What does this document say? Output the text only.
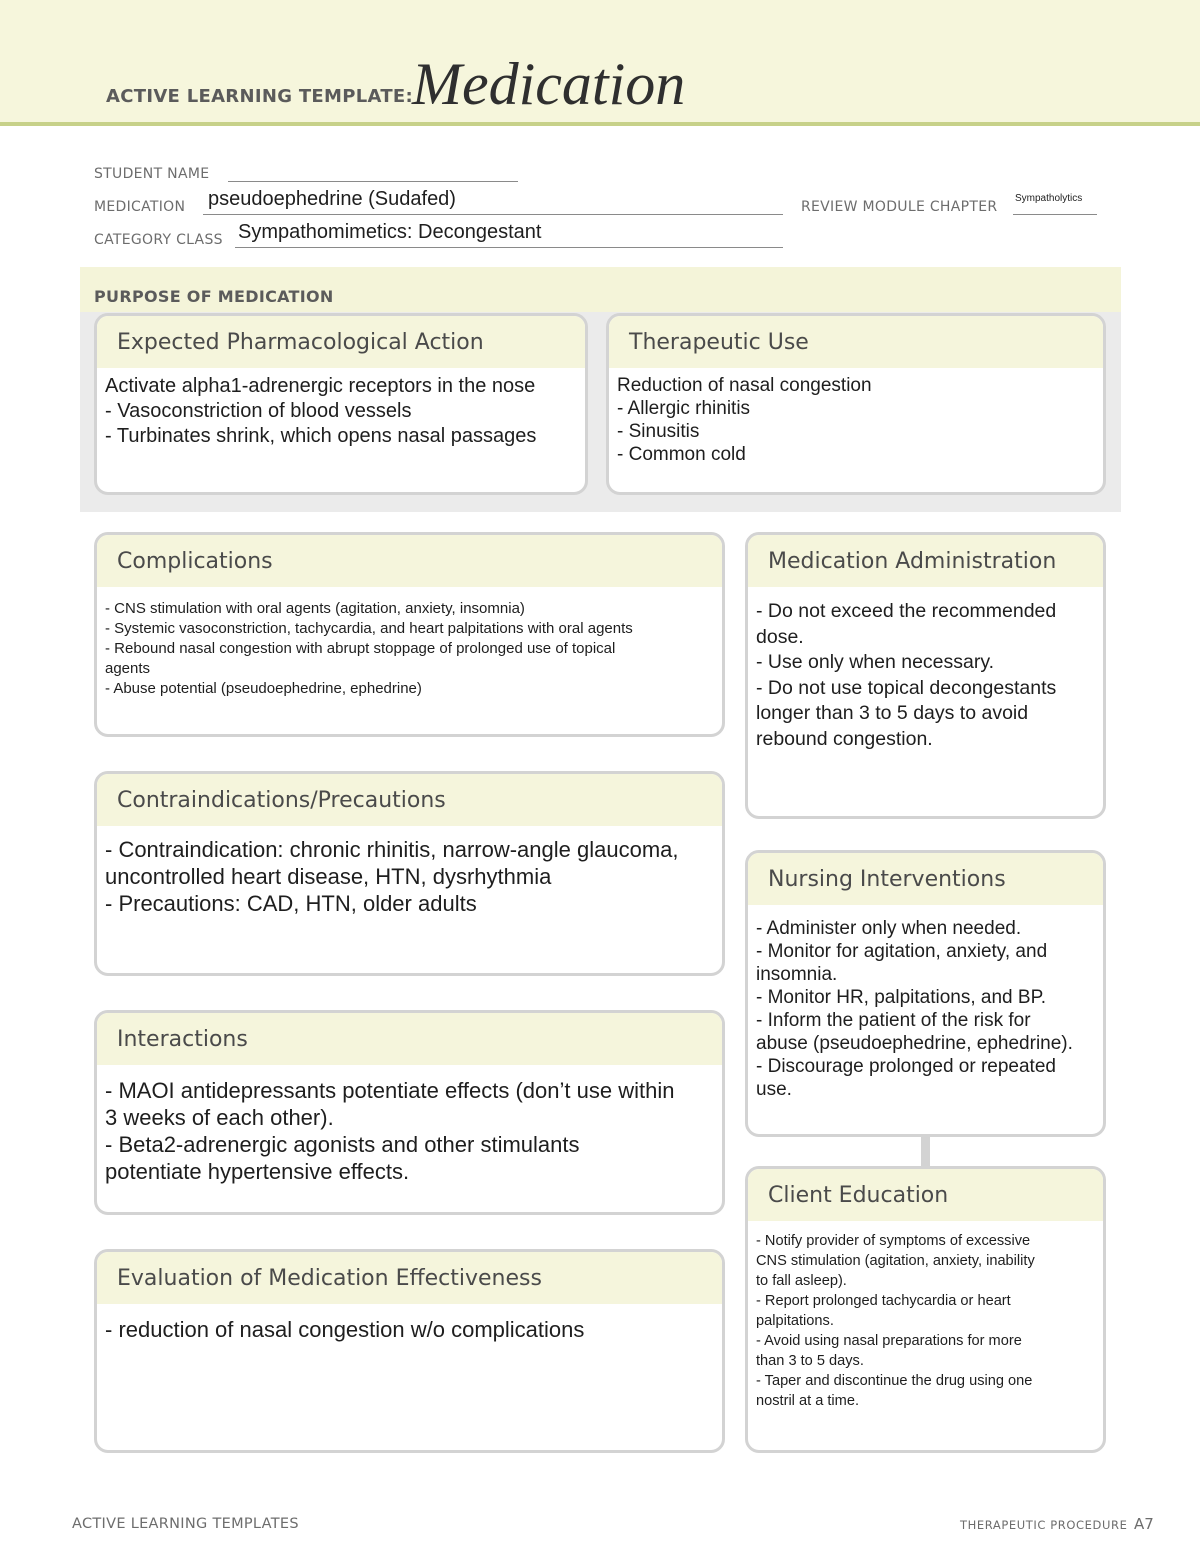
ACTIVE LEARNING TEMPLATE: Medication
STUDENT NAME
MEDICATION pseudoephedrine (Sudafed)	REVIEW MODULE CHAPTER
Sympatholytics
CATEGORY CLASS Sympathomimetics: Decongestant
PURPOSE OF MEDICATION
Expected Pharmacological Action
Activate alpha1-adrenergic receptors in the nose
- Vasoconstriction of blood vessels
- Turbinates shrink, which opens nasal passages
Therapeutic Use
Reduction of nasal congestion
- Allergic rhinitis
- Sinusitis
- Common cold
Complications
- CNS stimulation with oral agents (agitation, anxiety, insomnia)
- Systemic vasoconstriction, tachycardia, and heart palpitations with oral agents
- Rebound nasal congestion with abrupt stoppage of prolonged use of topical
agents
- Abuse potential (pseudoephedrine, ephedrine)
Medication Administration
- Do not exceed the recommended
dose.
- Use only when necessary.
- Do not use topical decongestants
longer than 3 to 5 days to avoid
rebound congestion.
Contraindications/Precautions
- Contraindication: chronic rhinitis, narrow-angle glaucoma,
uncontrolled heart disease, HTN, dysrhythmia
- Precautions: CAD, HTN, older adults
Nursing Interventions
- Administer only when needed.
- Monitor for agitation, anxiety, and
insomnia.
- Monitor HR, palpitations, and BP.
- Inform the patient of the risk for
abuse (pseudoephedrine, ephedrine).
- Discourage prolonged or repeated
use.
Interactions
- MAOI antidepressants potentiate effects (don’t use within
3 weeks of each other).
- Beta2-adrenergic agonists and other stimulants
potentiate hypertensive effects.
Client Education
- Notify provider of symptoms of excessive
CNS stimulation (agitation, anxiety, inability
to fall asleep).
- Report prolonged tachycardia or heart
palpitations.
- Avoid using nasal preparations for more
than 3 to 5 days.
- Taper and discontinue the drug using one
nostril at a time.
Evaluation of Medication Effectiveness
- reduction of nasal congestion w/o complications
ACTIVE LEARNING TEMPLATES	THERAPEUTIC PROCEDURE A7
